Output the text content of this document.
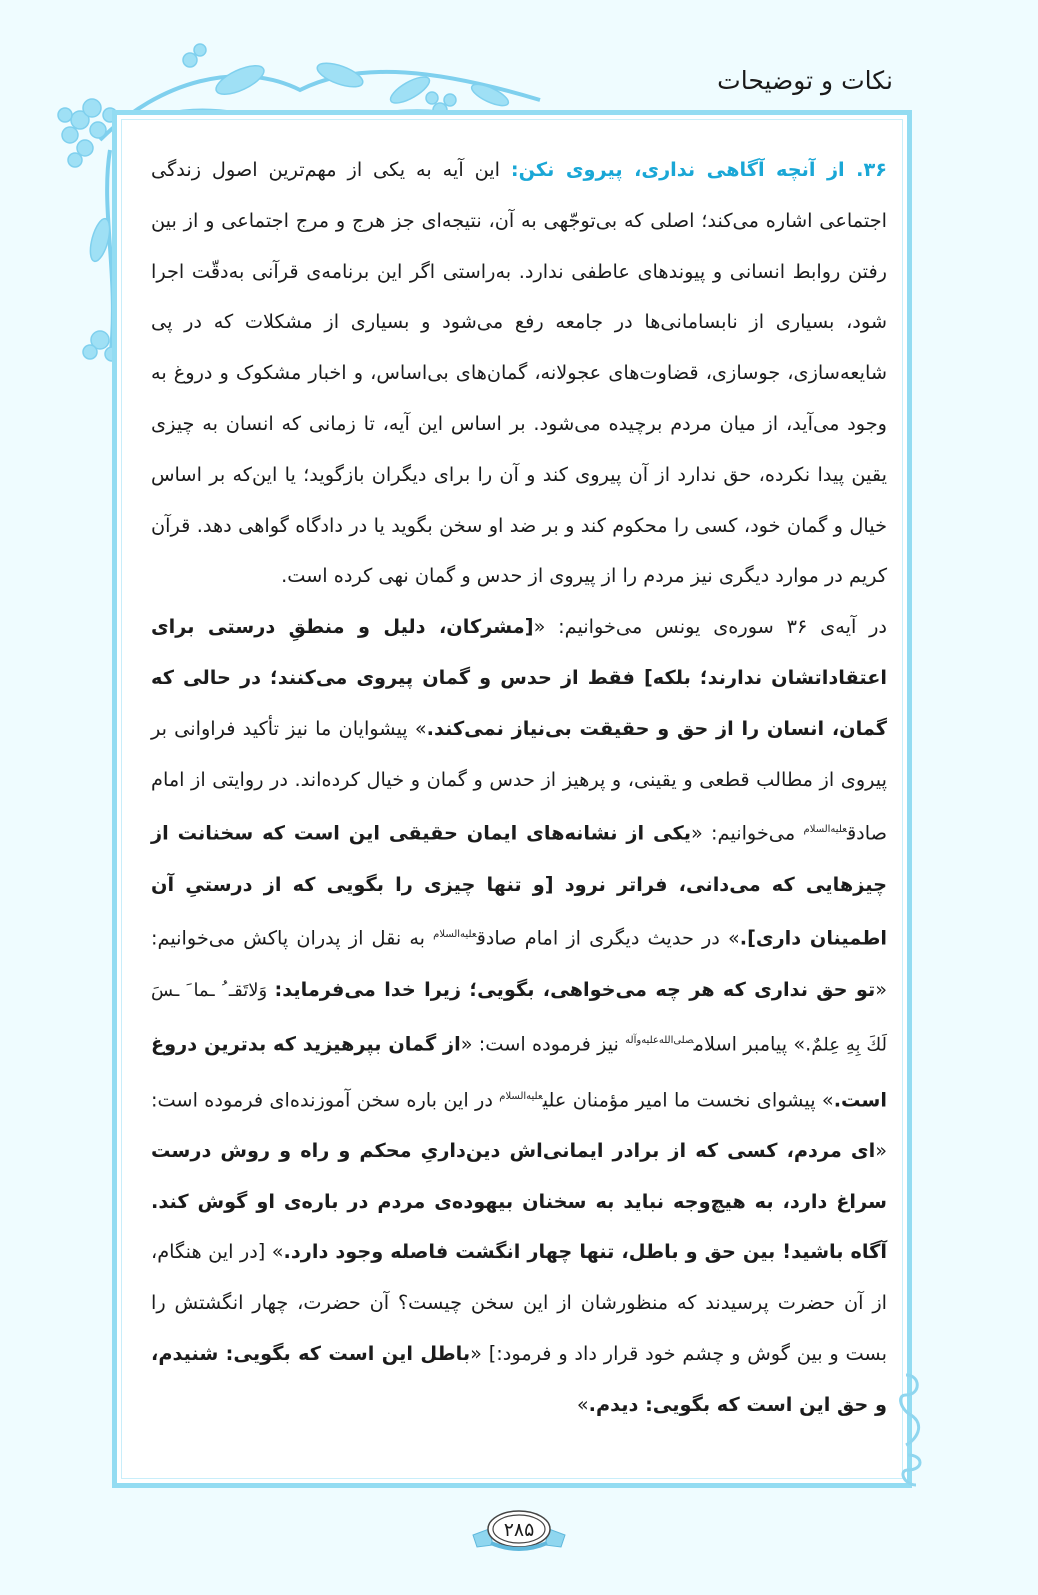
نکات و توضیحات

۳۶. از آنچه آگاهی نداری، پیروی نکن: این آیه به یکی از مهم‌ترین اصول زندگی اجتماعی اشاره می‌کند؛ اصلی که بی‌توجّهی به آن، نتیجه‌ای جز هرج و مرج اجتماعی و از بین رفتن روابط انسانی و پیوندهای عاطفی ندارد. به‌راستی اگر این برنامه‌ی قرآنی به‌دقّت اجرا شود، بسیاری از نابسامانی‌ها در جامعه رفع می‌شود و بسیاری از مشکلات که در پی شایعه‌سازی، جوسازی، قضاوت‌های عجولانه، گمان‌های بی‌اساس، و اخبار مشکوک و دروغ به وجود می‌آید، از میان مردم برچیده می‌شود. بر اساس این آیه، تا زمانی که انسان به چیزی یقین پیدا نکرده، حق ندارد از آن پیروی کند و آن را برای دیگران بازگوید؛ یا این‌که بر اساس خیال و گمان خود، کسی را محکوم کند و بر ضد او سخن بگوید یا در دادگاه گواهی دهد. قرآن کریم در موارد دیگری نیز مردم را از پیروی از حدس و گمان نهی کرده است.

در آیه‌ی ۳۶ سوره‌ی یونس می‌خوانیم: «[مشرکان، دلیل و منطقِ درستی برای اعتقاداتشان ندارند؛ بلکه] فقط از حدس و گمان پیروی می‌کنند؛ در حالی که گمان، انسان را از حق و حقیقت بی‌نیاز نمی‌کند.» پیشوایان ما نیز تأکید فراوانی بر پیروی از مطالب قطعی و یقینی، و پرهیز از حدس و گمان و خیال کرده‌اند. در روایتی از امام صادق$^{علیه‌السلام}$ می‌خوانیم: «یکی از نشانه‌های ایمان حقیقی این است که سخنانت از چیزهایی که می‌دانی، فراتر نرود [و تنها چیزی را بگویی که از درستیِ آن اطمینان داری].» در حدیث دیگری از امام صادق$^{علیه‌السلام}$ به نقل از پدران پاکش می‌خوانیم: «تو حق نداری که هر چه می‌خواهی، بگویی؛ زیرا خدا می‌فرماید: وَلاتَقـ ُ ـما َ ـسَ لَكَ بِهِ عِلمٌ.» پیامبر اسلام$^{صلی‌الله‌علیه‌وآله}$ نیز فرموده است: «از گمان بپرهیزید که بدترین دروغ است.» پیشوای نخست ما امیر مؤمنان علی$^{علیه‌السلام}$ در این باره سخن آموزنده‌ای فرموده است: «ای مردم، کسی که از برادر ایمانی‌اش دین‌داریِ محکم و راه و روش درست سراغ دارد، به هیچ‌وجه نباید به سخنان بیهوده‌ی مردم در باره‌ی او گوش کند. آگاه باشید! بین حق و باطل، تنها چهار انگشت فاصله وجود دارد.» [در این هنگام، از آن حضرت پرسیدند که منظورشان از این سخن چیست؟ آن حضرت، چهار انگشتش را بست و بین گوش و چشم خود قرار داد و فرمود:] «باطل این است که بگویی: شنیدم، و حق این است که بگویی: دیدم.»

۲۸۵
